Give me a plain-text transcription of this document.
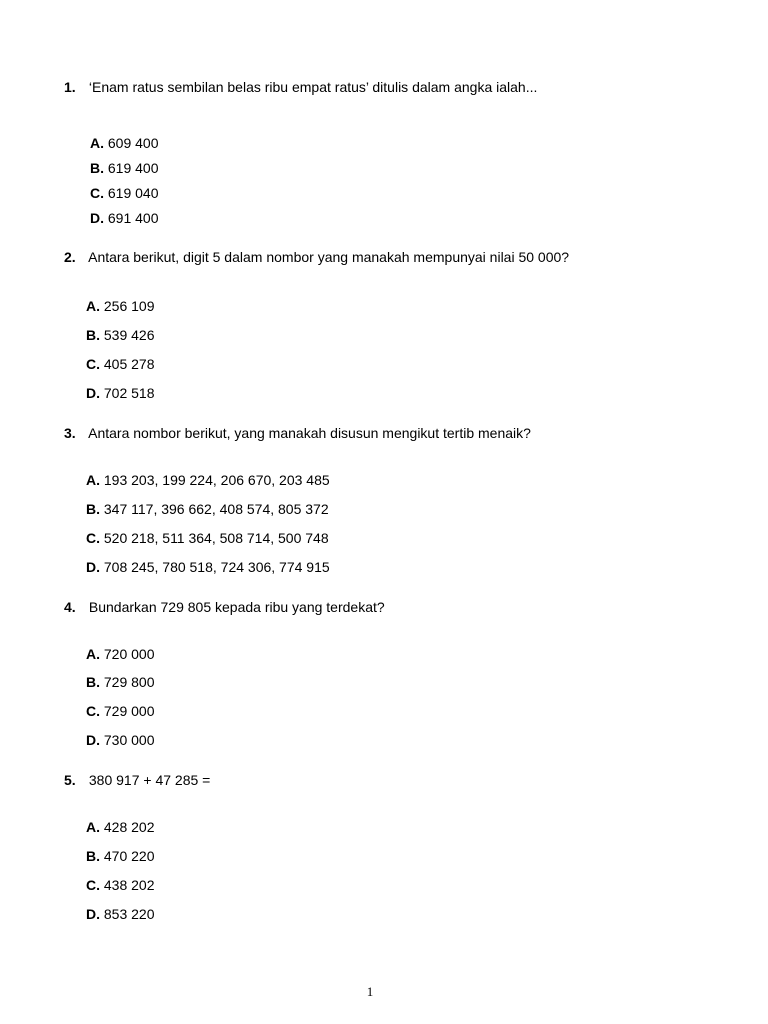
1. ‘Enam ratus sembilan belas ribu empat ratus’ ditulis dalam angka ialah...
A. 609 400
B. 619 400
C. 619 040
D. 691 400
2. Antara berikut, digit 5 dalam nombor yang manakah mempunyai nilai 50 000?
A. 256 109
B. 539 426
C. 405 278
D. 702 518
3. Antara nombor berikut, yang manakah disusun mengikut tertib menaik?
A. 193 203, 199 224, 206 670, 203 485
B. 347 117, 396 662, 408 574, 805 372
C. 520 218, 511 364, 508 714, 500 748
D. 708 245, 780 518, 724 306, 774 915
4. Bundarkan 729 805 kepada ribu yang terdekat?
A. 720 000
B. 729 800
C. 729 000
D. 730 000
5. 380 917 + 47 285 =
A. 428 202
B. 470 220
C. 438 202
D. 853 220
1
